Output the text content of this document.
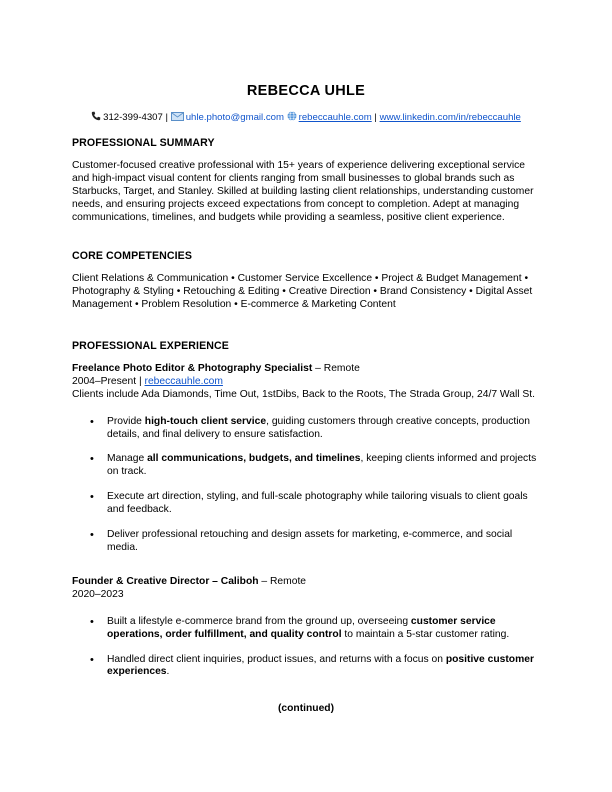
REBECCA UHLE
312-399-4307 | uhle.photo@gmail.com rebeccauhle.com | www.linkedin.com/in/rebeccauhle
PROFESSIONAL SUMMARY

Customer-focused creative professional with 15+ years of experience delivering exceptional service and high-impact visual content for clients ranging from small businesses to global brands such as Starbucks, Target, and Stanley. Skilled at building lasting client relationships, understanding customer needs, and ensuring projects exceed expectations from concept to completion. Adept at managing communications, timelines, and budgets while providing a seamless, positive client experience.

CORE COMPETENCIES

Client Relations & Communication • Customer Service Excellence • Project & Budget Management • Photography & Styling • Retouching & Editing • Creative Direction • Brand Consistency • Digital Asset Management • Problem Resolution • E-commerce & Marketing Content

PROFESSIONAL EXPERIENCE
Freelance Photo Editor & Photography Specialist – Remote
2004–Present | rebeccauhle.com
Clients include Ada Diamonds, Time Out, 1stDibs, Back to the Roots, The Strada Group, 24/7 Wall St.
• Provide high-touch client service, guiding customers through creative concepts, production details, and final delivery to ensure satisfaction.
• Manage all communications, budgets, and timelines, keeping clients informed and projects on track.
• Execute art direction, styling, and full-scale photography while tailoring visuals to client goals and feedback.
• Deliver professional retouching and design assets for marketing, e-commerce, and social media.
Founder & Creative Director – Caliboh – Remote
2020–2023
• Built a lifestyle e-commerce brand from the ground up, overseeing customer service operations, order fulfillment, and quality control to maintain a 5-star customer rating.
• Handled direct client inquiries, product issues, and returns with a focus on positive customer experiences.
(continued)
